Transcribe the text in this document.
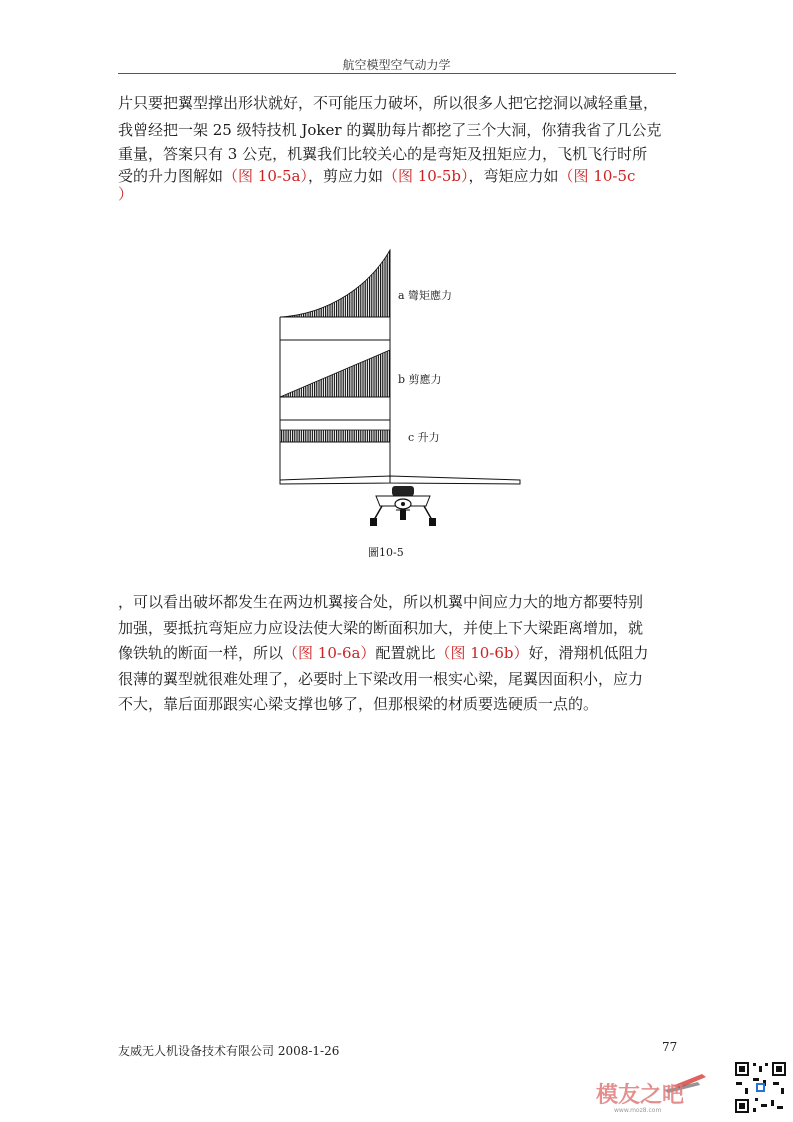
航空模型空气动力学
片只要把翼型撑出形状就好，不可能压力破坏，所以很多人把它挖洞以减轻重量，
我曾经把一架 25 级特技机 Joker 的翼肋每片都挖了三个大洞，你猜我省了几公克
重量，答案只有 3 公克，机翼我们比较关心的是弯矩及扭矩应力，飞机飞行时所
受的升力图解如（图 10-5a），剪应力如（图 10-5b），弯矩应力如（图 10-5c
）
a 彎矩應力
b 剪應力
c 升力
圖10-5
，可以看出破坏都发生在两边机翼接合处，所以机翼中间应力大的地方都要特别
加强，要抵抗弯矩应力应设法使大梁的断面积加大，并使上下大梁距离增加，就
像铁轨的断面一样，所以（图 10-6a）配置就比（图 10-6b）好，滑翔机低阻力
很薄的翼型就很难处理了，必要时上下梁改用一根实心梁，尾翼因面积小，应力
不大，靠后面那跟实心梁支撑也够了，但那根梁的材质要选硬质一点的。
友威无人机设备技术有限公司 2008-1-26	77
模友之吧
www.moz8.com
